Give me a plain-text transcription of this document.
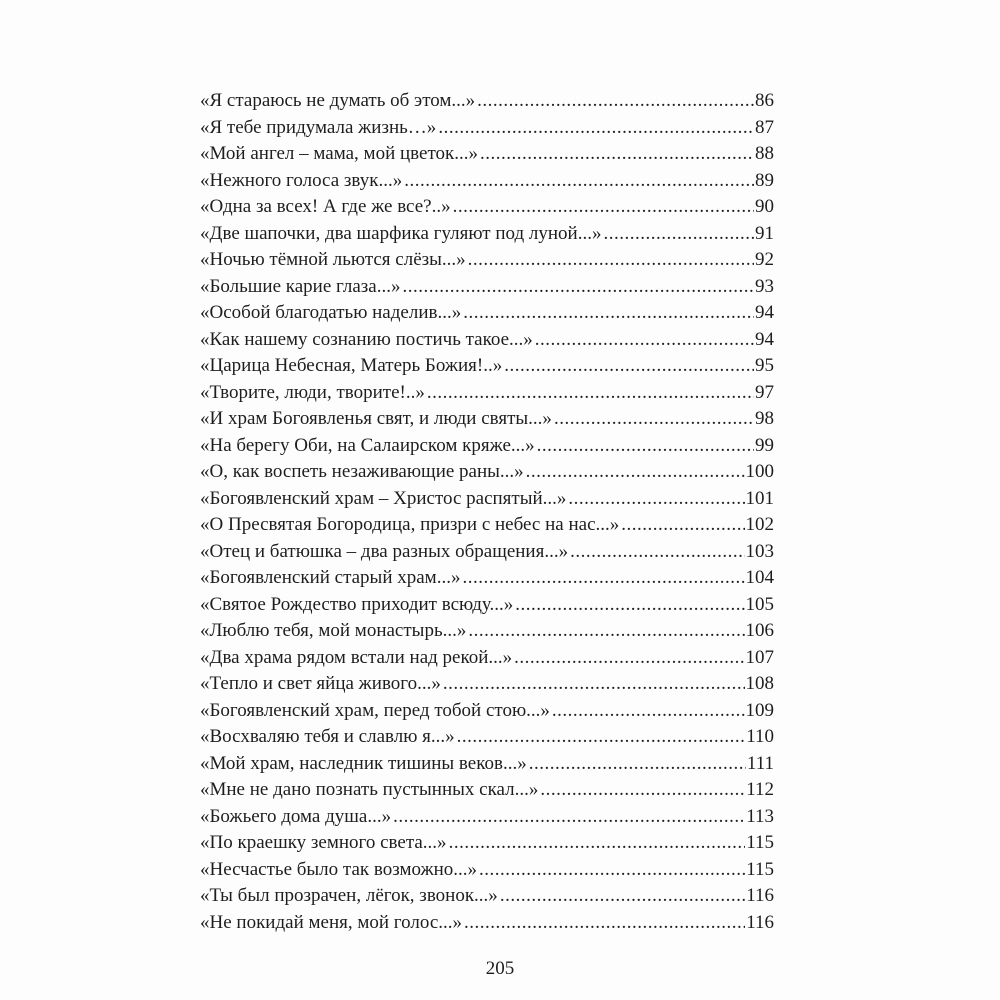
«Я стараюсь не думать об этом...» .....	86
«Я тебе придумала жизнь…» .....	87
«Мой ангел – мама, мой цветок...» .....	88
«Нежного голоса звук...» .....	89
«Одна за всех! А где же все?..» .....	90
«Две шапочки, два шарфика гуляют под луной...» .....	91
«Ночью тёмной льются слёзы...» .....	92
«Большие карие глаза...» .....	93
«Особой благодатью наделив...» .....	94
«Как нашему сознанию постичь такое...» .....	94
«Царица Небесная, Матерь Божия!..» .....	95
«Творите, люди, творите!..» .....	97
«И храм Богоявленья свят, и люди святы...» .....	98
«На берегу Оби, на Салаирском кряже...» .....	99
«О, как воспеть незаживающие раны...» .....	100
«Богоявленский храм – Христос распятый...» .....	101
«О Пресвятая Богородица, призри с небес на нас...» .....	102
«Отец и батюшка – два разных обращения...» .....	103
«Богоявленский старый храм...» .....	104
«Святое Рождество приходит всюду...» .....	105
«Люблю тебя, мой монастырь...» .....	106
«Два храма рядом встали над рекой...» .....	107
«Тепло и свет яйца живого...» .....	108
«Богоявленский храм, перед тобой стою...» .....	109
«Восхваляю тебя и славлю я...» .....	110
«Мой храм, наследник тишины веков...» .....	111
«Мне не дано познать пустынных скал...» .....	112
«Божьего дома душа...» .....	113
«По краешку земного света...» .....	115
«Несчастье было так возможно...» .....	115
«Ты был прозрачен, лёгок, звонок...» .....	116
«Не покидай меня, мой голос...» .....	116
205
